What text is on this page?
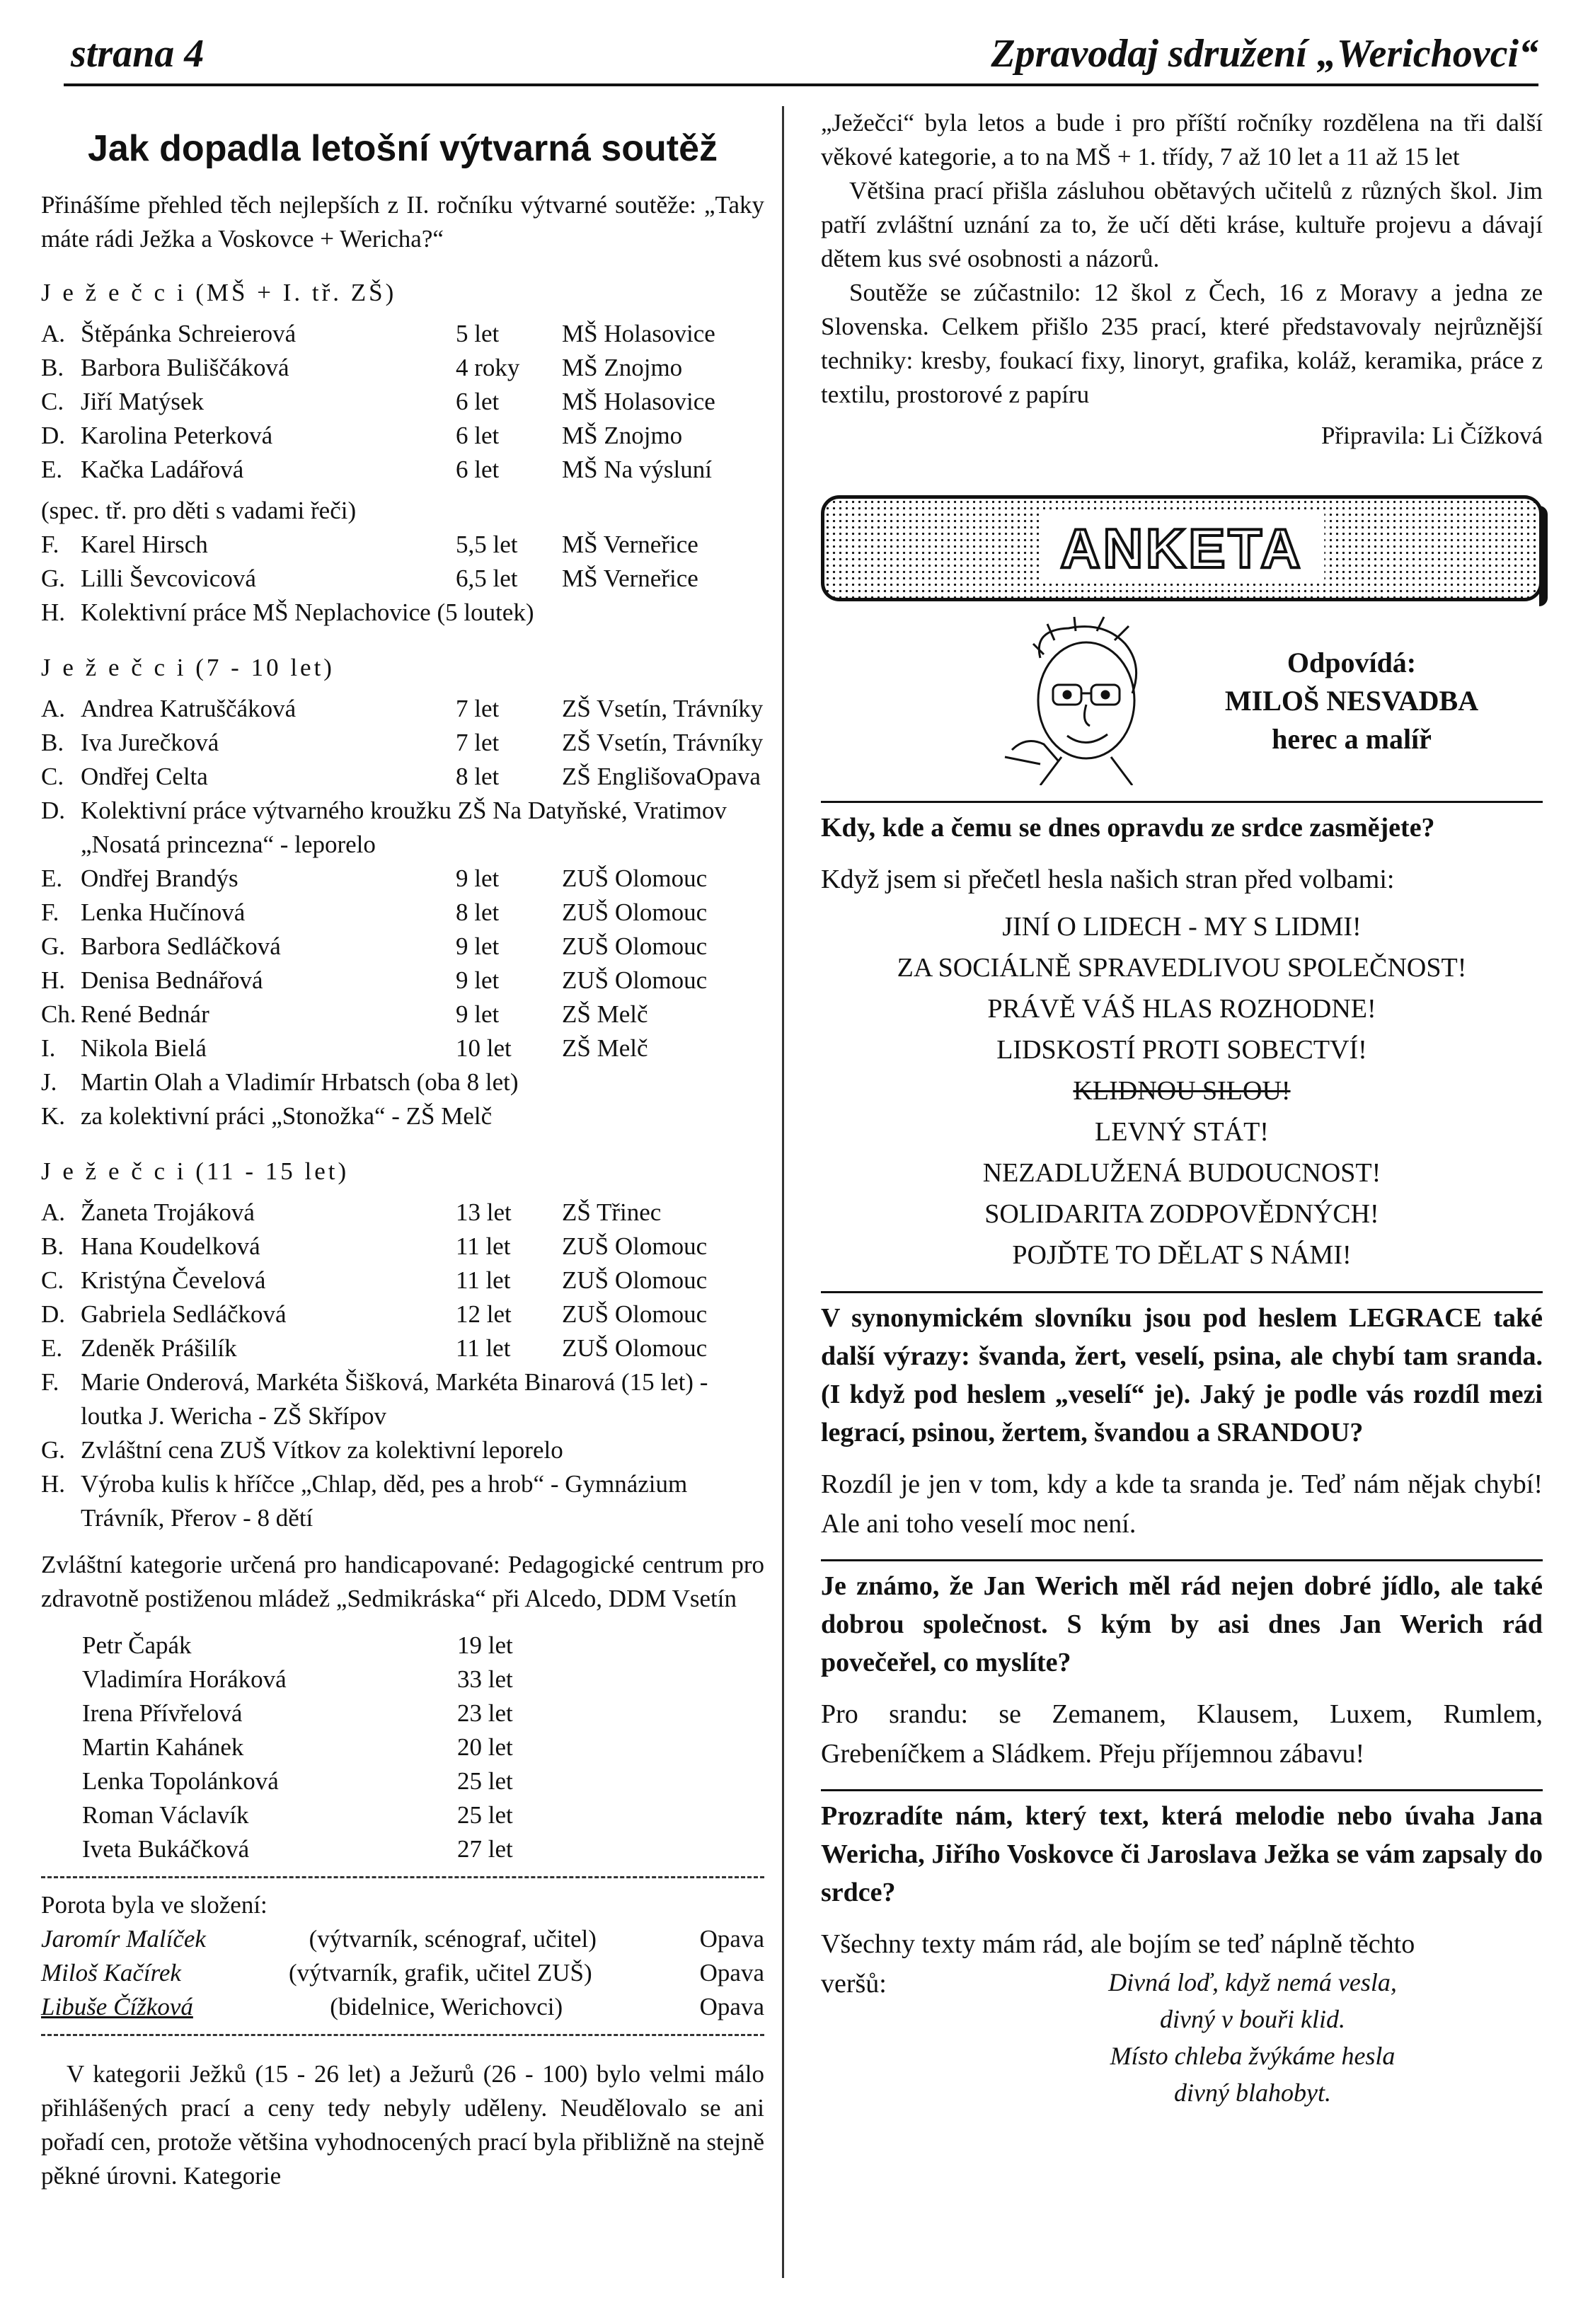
strana 4	Zpravodaj sdružení „Werichovci“
Jak dopadla letošní výtvarná soutěž

Přinášíme přehled těch nejlepších z II. ročníku výtvarné soutěže: „Taky máte rádi Ježka a Voskovce + Wericha?“

J e ž e č c i (MŠ + I. tř. ZŠ)
A.	Štěpánka Schreierová	5 let	MŠ Holasovice
B.	Barbora Buliščáková	4 roky	MŠ Znojmo
C.	Jiří Matýsek	6 let	MŠ Holasovice
D.	Karolina Peterková	6 let	MŠ Znojmo
E.	Kačka Ladářová	6 let	MŠ Na výsluní
(spec. tř. pro děti s vadami řeči)
F.	Karel Hirsch	5,5 let	MŠ Verneřice
G.	Lilli Ševcovicová	6,5 let	MŠ Verneřice
H.	Kolektivní práce MŠ Neplachovice (5 loutek)		
J e ž e č c i (7 - 10 let)
A.	Andrea Katruščáková	7 let	ZŠ Vsetín, Trávníky
B.	Iva Jurečková	7 let	ZŠ Vsetín, Trávníky
C.	Ondřej Celta	8 let	ZŠ EnglišovaOpava
D.	Kolektivní práce výtvarného kroužku ZŠ Na Datyňské, Vratimov „Nosatá princezna“ - leporelo		
E.	Ondřej Brandýs	9 let	ZUŠ Olomouc
F.	Lenka Hučínová	8 let	ZUŠ Olomouc
G.	Barbora Sedláčková	9 let	ZUŠ Olomouc
H.	Denisa Bednářová	9 let	ZUŠ Olomouc
Ch.	René Bednár	9 let	ZŠ Melč
I.	Nikola Bielá	10 let	ZŠ Melč
J.	Martin Olah a Vladimír Hrbatsch (oba 8 let)		
K.	za kolektivní práci „Stonožka“ - ZŠ Melč		
J e ž e č c i (11 - 15 let)
A.	Žaneta Trojáková	13 let	ZŠ Třinec
B.	Hana Koudelková	11 let	ZUŠ Olomouc
C.	Kristýna Čevelová	11 let	ZUŠ Olomouc
D.	Gabriela Sedláčková	12 let	ZUŠ Olomouc
E.	Zdeněk Prášilík	11 let	ZUŠ Olomouc
F.	Marie Onderová, Markéta Šišková, Markéta Binarová (15 let) - loutka J. Wericha - ZŠ Skřípov		
G.	Zvláštní cena ZUŠ Vítkov za kolektivní leporelo		
H.	Výroba kulis k hříčce „Chlap, děd, pes a hrob“ - Gymnázium Trávník, Přerov - 8 dětí		

Zvláštní kategorie určená pro handicapované: Pedagogické centrum pro zdravotně postiženou mládež „Sedmikráska“ při Alcedo, DDM Vsetín

Petr Čapák	19 let
Vladimíra Horáková	33 let
Irena Přívřelová	23 let
Martin Kahánek	20 let
Lenka Topolánková	25 let
Roman Václavík	25 let
Iveta Bukáčková	27 let
Porota byla ve složení:
Jaromír Malíček	(výtvarník, scénograf, učitel)	Opava
Miloš Kačírek	(výtvarník, grafik, učitel ZUŠ)	Opava
Libuše Čížková	(bidelnice, Werichovci)	Opava

V kategorii Ježků (15 - 26 let) a Ježurů (26 - 100) bylo velmi málo přihlášených prací a ceny tedy nebyly uděleny. Neudělovalo se ani pořadí cen, protože většina vyhodnocených prací byla přibližně na stejně pěkné úrovni. Kategorie

„Ježečci“ byla letos a bude i pro příští ročníky rozdělena na tři další věkové kategorie, a to na MŠ + 1. třídy, 7 až 10 let a 11 až 15 let

Většina prací přišla zásluhou obětavých učitelů z různých škol. Jim patří zvláštní uznání za to, že učí děti kráse, kultuře projevu a dávají dětem kus své osobnosti a názorů.

Soutěže se zúčastnilo: 12 škol z Čech, 16 z Moravy a jedna ze Slovenska. Celkem přišlo 235 prací, které představovaly nejrůznější techniky: kresby, foukací fixy, linoryt, grafika, koláž, keramika, práce z textilu, prostorové z papíru

Připravila: Li Čížková
ANKETA
Odpovídá:
MILOŠ NESVADBA
herec a malíř

Kdy, kde a čemu se dnes opravdu ze srdce zasmějete?

Když jsem si přečetl hesla našich stran před volbami:

JINÍ O LIDECH - MY S LIDMI!
ZA SOCIÁLNĚ SPRAVEDLIVOU SPOLEČNOST!
PRÁVĚ VÁŠ HLAS ROZHODNE!
LIDSKOSTÍ PROTI SOBECTVÍ!
KLIDNOU SILOU!
LEVNÝ STÁT!
NEZADLUŽENÁ BUDOUCNOST!
SOLIDARITA ZODPOVĚDNÝCH!
POJĎTE TO DĚLAT S NÁMI!

V synonymickém slovníku jsou pod heslem LEGRACE také další výrazy: švanda, žert, veselí, psina, ale chybí tam sranda. (I když pod heslem „veselí“ je). Jaký je podle vás rozdíl mezi legrací, psinou, žertem, švandou a SRANDOU?

Rozdíl je jen v tom, kdy a kde ta sranda je. Teď nám nějak chybí! Ale ani toho veselí moc není.

Je známo, že Jan Werich měl rád nejen dobré jídlo, ale také dobrou společnost. S kým by asi dnes Jan Werich rád povečeřel, co myslíte?

Pro srandu: se Zemanem, Klausem, Luxem, Rumlem, Grebeníčkem a Sládkem. Přeju příjemnou zábavu!

Prozradíte nám, který text, která melodie nebo úvaha Jana Wericha, Jiřího Voskovce či Jaroslava Ježka se vám zapsaly do srdce?

Všechny texty mám rád, ale bojím se teď náplně těchto

veršů:	Divná loď, když nemá vesla,
divný v bouři klid.
Místo chleba žvýkáme hesla
divný blahobyt.
